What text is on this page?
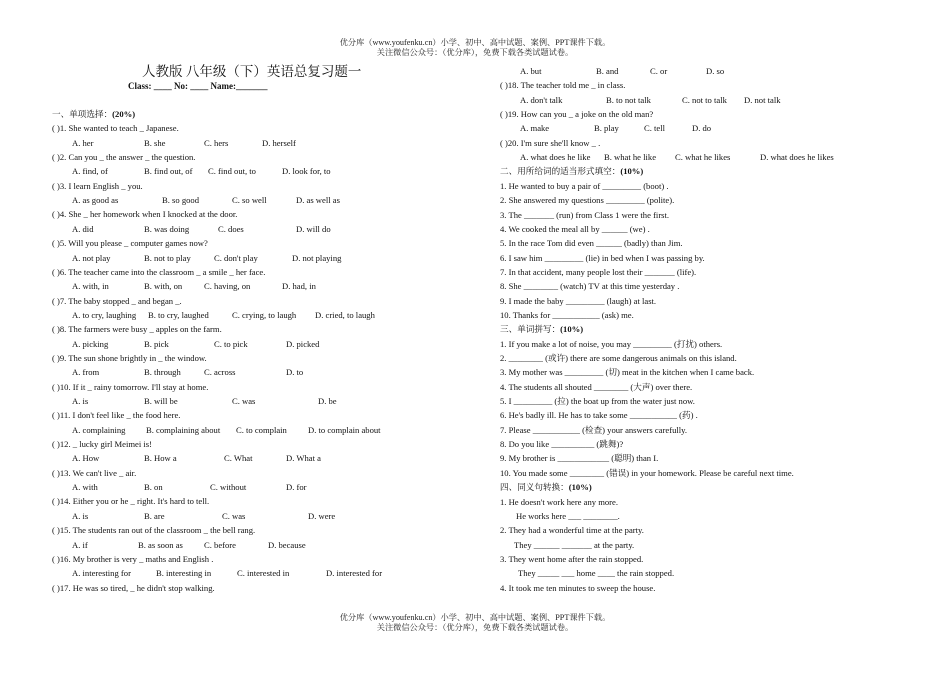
优分库（www.youfenku.cn）小学、初中、高中试题、案例、PPT课件下载。
关注微信公众号：（优分库），免费下载各类试题试卷。
人教版 八年级（下）英语总复习题一
Class: ____ No: ____ Name:_______
一、单项选择：(20%)
( )1. She wanted to teach _ Japanese.
A. her	B. she	C. hers	D. herself
( )2. Can you _ the answer _ the question.
A. find, of	B. find out, of C. find out, to	D. look for, to
( )3. I learn English _ you.
A. as good as	B. so good	C. so well	D. as well as
( )4. She _ her homework when I knocked at the door.
A. did	B. was doing	C. does	D. will do
( )5. Will you please _ computer games now?
A. not play	B. not to play	C. don't play	D. not playing
( )6. The teacher came into the classroom _ a smile _ her face.
A. with, in	B. with, on	C. having, on	D. had, in
( )7. The baby stopped _ and began _.
A. to cry, laughing B. to cry, laughed	C. crying, to laugh D. cried, to laugh
( )8. The farmers were busy _ apples on the farm.
A. picking	B. pick	C. to pick	D. picked
( )9. The sun shone brightly in _ the window.
A. from	B. through	C. across	D. to
( )10. If it _ rainy tomorrow. I'll stay at home.
A. is	B. will be	C. was	D. be
( )11. I don't feel like _ the food here.
A. complaining B. complaining about C. to complain D. to complain about
( )12. _ lucky girl Meimei is!
A. How	B. How a	C. What	D. What a
( )13. We can't live _ air.
A. with	B. on	C. without	D. for
( )14. Either you or he _ right. It's hard to tell.
A. is	B. are	C. was	D. were
( )15. The students ran out of the classroom _ the bell rang.
A. if	B. as soon as C. before	D. because
( )16. My brother is very _ maths and English .
A. interesting for	B. interesting in	C. interested in	D. interested for
( )17. He was so tired, _ he didn't stop walking.
A. but	B. and	C. or	D. so
( )18. The teacher told me _ in class.
A. don't talk	B. to not talk	C. not to talk D. not talk
( )19. How can you _ a joke on the old man?
A. make	B. play	C. tell	D. do
( )20. I'm sure she'll know _ .
A. what does he like B. what he like C. what he likes	D. what does he likes
二、用所给词的适当形式填空：(10%)
1. He wanted to buy a pair of _________ (boot) .
2. She answered my questions _________ (polite).
3. The _______ (run) from Class 1 were the first.
4. We cooked the meal all by ______ (we) .
5. In the race Tom did even ______ (badly) than Jim.
6. I saw him _________ (lie) in bed when I was passing by.
7. In that accident, many people lost their _______ (life).
8. She ________ (watch) TV at this time yesterday .
9. I made the baby _________ (laugh) at last.
10. Thanks for ___________ (ask) me.
三、单词拼写：(10%)
1. If you make a lot of noise, you may _________ (打扰) others.
2. ________ (或许) there are some dangerous animals on this island.
3. My mother was _________ (切) meat in the kitchen when I came back.
4. The students all shouted ________ (大声) over there.
5. I _________ (拉) the boat up from the water just now.
6. He's badly ill. He has to take some ___________ (药) .
7. Please ___________ (检查) your answers carefully.
8. Do you like __________ (跳舞)?
9. My brother is ____________ (聪明) than I.
10. You made some ________ (错误) in your homework. Please be careful next time.
四、同义句转换：(10%)
1. He doesn't work here any more.
He works here ___ ________.
2. They had a wonderful time at the party.
They ______ _______ at the party.
3. They went home after the rain stopped.
They _____ ___ home ____ the rain stopped.
4. It took me ten minutes to sweep the house.
优分库（www.youfenku.cn）小学、初中、高中试题、案例、PPT课件下载。
关注微信公众号：（优分库），免费下载各类试题试卷。
